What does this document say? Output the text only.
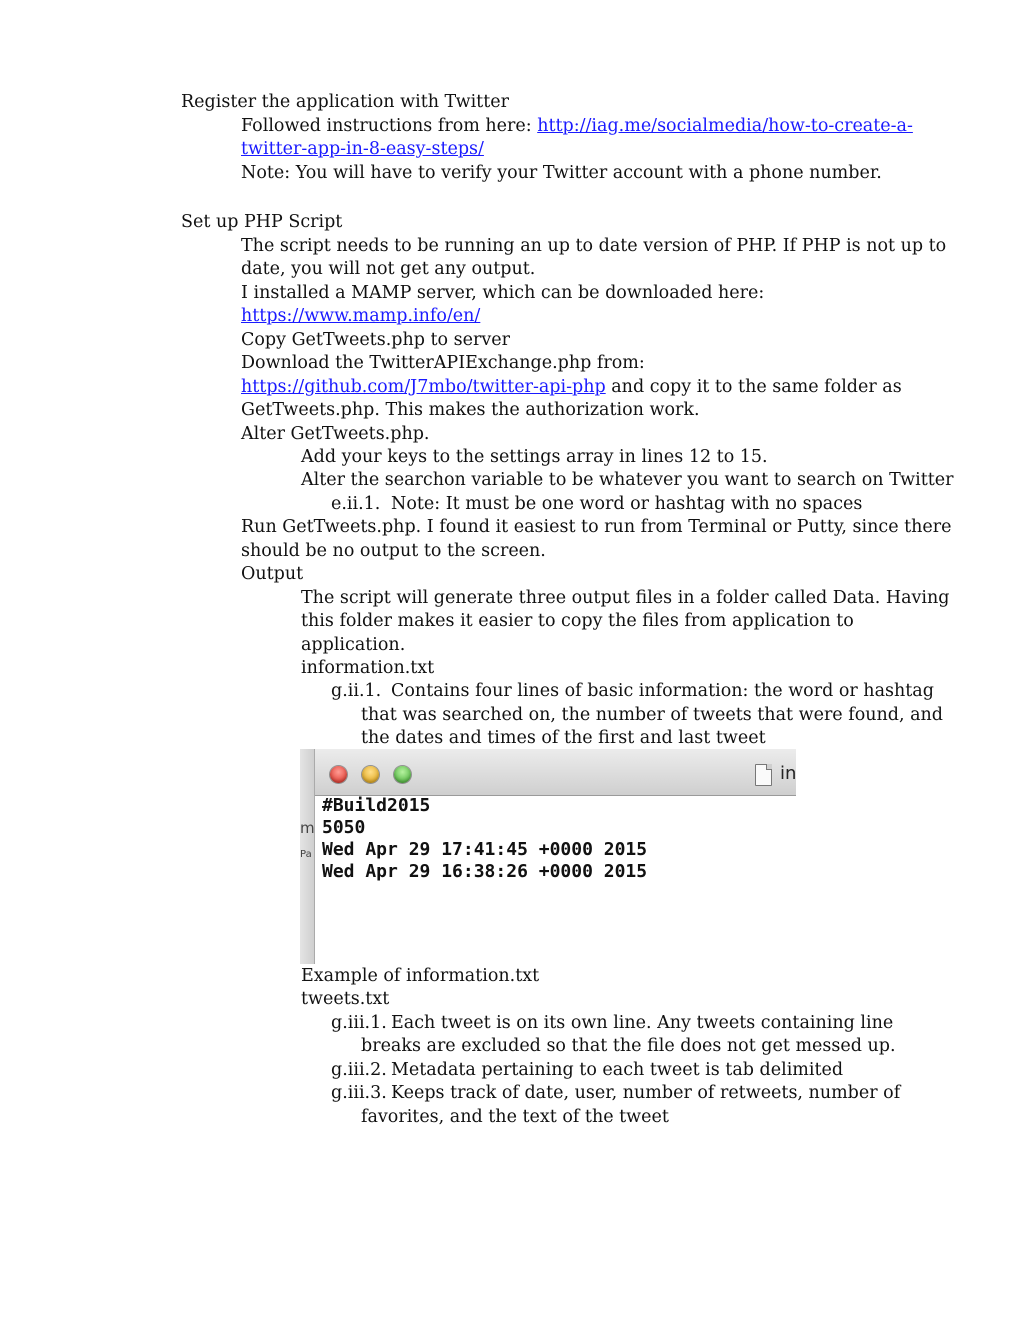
Register the application with Twitter
Followed instructions from here: http://iag.me/socialmedia/how-to-create-a-
twitter-app-in-8-easy-steps/
Note: You will have to verify your Twitter account with a phone number.
Set up PHP Script
The script needs to be running an up to date version of PHP. If PHP is not up to
date, you will not get any output.
I installed a MAMP server, which can be downloaded here:
https://www.mamp.info/en/
Copy GetTweets.php to server
Download the TwitterAPIExchange.php from:
https://github.com/J7mbo/twitter-api-php and copy it to the same folder as
GetTweets.php. This makes the authorization work.
Alter GetTweets.php.
Add your keys to the settings array in lines 12 to 15.
Alter the searchon variable to be whatever you want to search on Twitter
e.ii.1. Note: It must be one word or hashtag with no spaces
Run GetTweets.php. I found it easiest to run from Terminal or Putty, since there
should be no output to the screen.
Output
The script will generate three output files in a folder called Data. Having
this folder makes it easier to copy the files from application to
application.
information.txt
g.ii.1. Contains four lines of basic information: the word or hashtag
that was searched on, the number of tweets that were found, and
the dates and times of the first and last tweet
in
m
Pa
#Build2015
5050
Wed Apr 29 17:41:45 +0000 2015
Wed Apr 29 16:38:26 +0000 2015
Example of information.txt
tweets.txt
g.iii.1. Each tweet is on its own line. Any tweets containing line
breaks are excluded so that the file does not get messed up.
g.iii.2. Metadata pertaining to each tweet is tab delimited
g.iii.3. Keeps track of date, user, number of retweets, number of
favorites, and the text of the tweet
